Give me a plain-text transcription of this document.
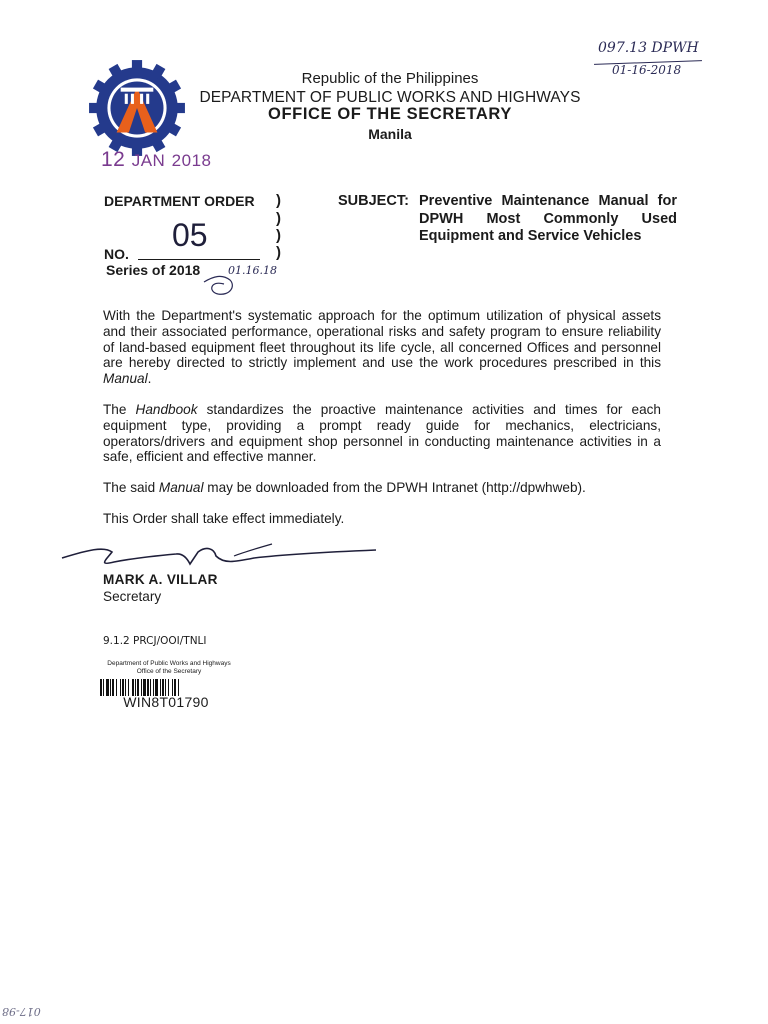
Republic of the Philippines
DEPARTMENT OF PUBLIC WORKS AND HIGHWAYS
OFFICE OF THE SECRETARY
Manila
097.13 DPWH
01-16-2018
12 JAN 2018
DEPARTMENT ORDER )
)
)
)
05
NO.
Series of 2018	01.16.18
SUBJECT: Preventive Maintenance Manual for DPWH Most Commonly Used Equipment and Service Vehicles
With the Department's systematic approach for the optimum utilization of physical assets and their associated performance, operational risks and safety program to ensure reliability of land-based equipment fleet throughout its life cycle, all concerned Offices and personnel are hereby directed to strictly implement and use the work procedures prescribed in this Manual.
The Handbook standardizes the proactive maintenance activities and times for each equipment type, providing a prompt ready guide for mechanics, electricians, operators/drivers and equipment shop personnel in conducting maintenance activities in a safe, efficient and effective manner.
The said Manual may be downloaded from the DPWH Intranet (http://dpwhweb).
This Order shall take effect immediately.
MARK A. VILLAR
Secretary
9.1.2 PRCJ/OOI/TNLI
Department of Public Works and Highways
Office of the Secretary
WIN8T01790
017-98
